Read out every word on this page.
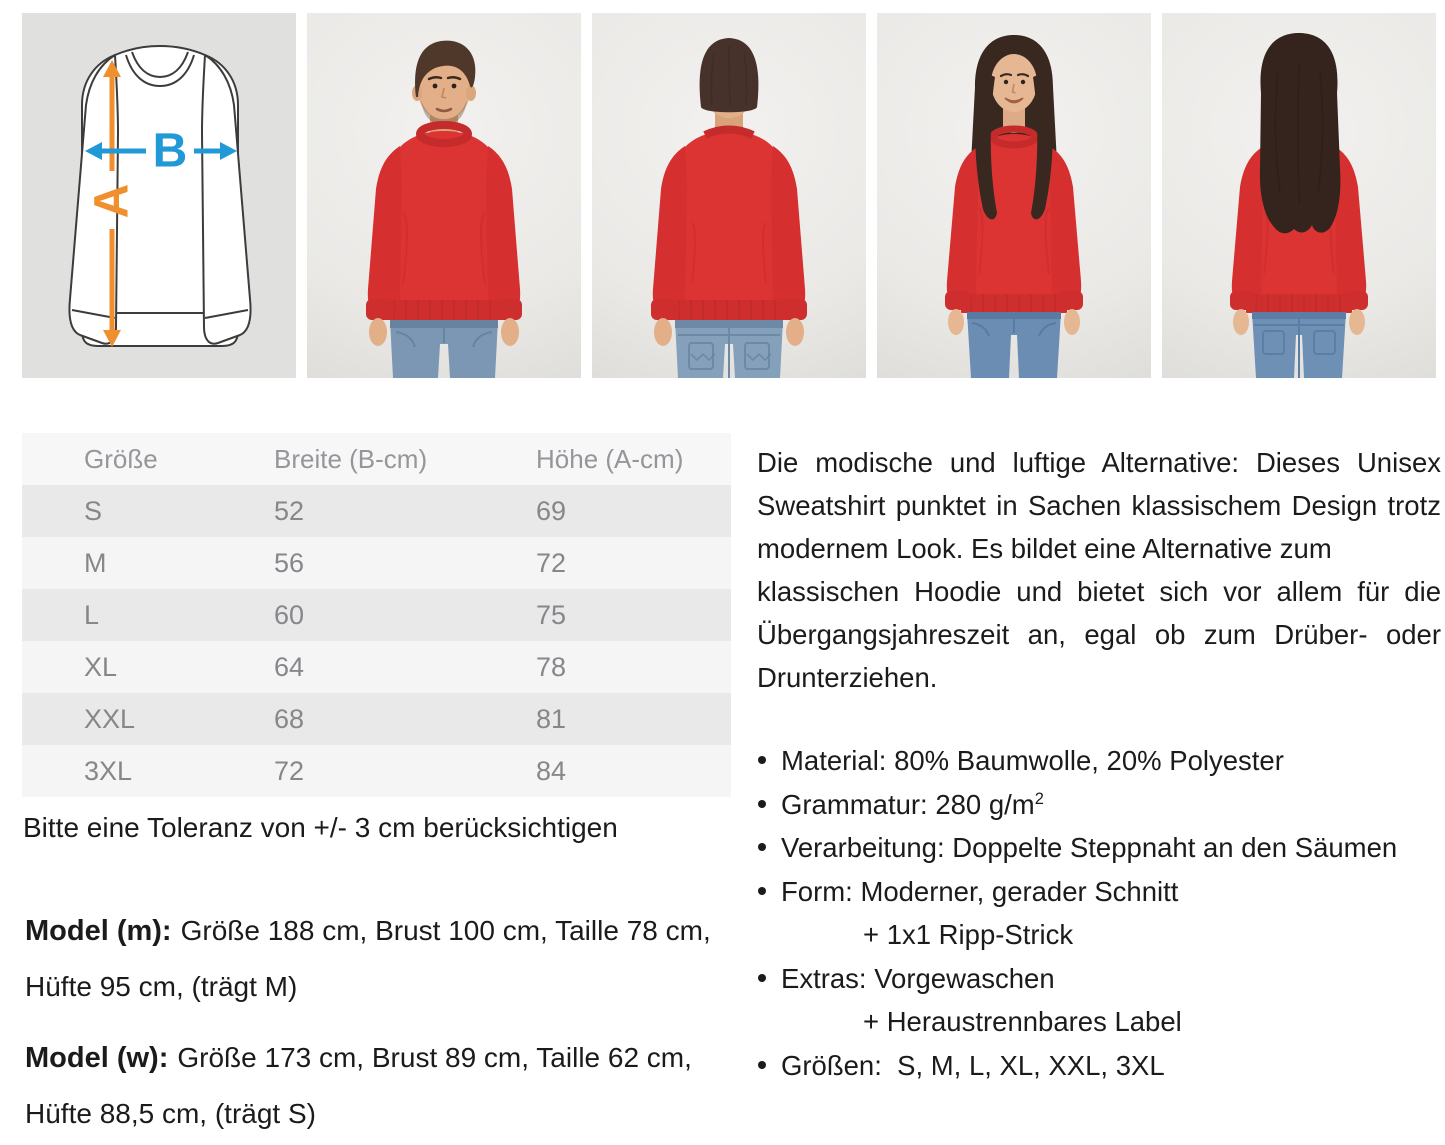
A
B
Größe	Breite (B-cm)	Höhe (A-cm)
S	52	69
M	56	72
L	60	75
XL	64	78
XXL	68	81
3XL	72	84
Bitte eine Toleranz von +/- 3 cm berücksichtigen
Model (m): Größe 188 cm, Brust 100 cm, Taille 78 cm,
Hüfte 95 cm, (trägt M)
Model (w): Größe 173 cm, Brust 89 cm, Taille 62 cm,
Hüfte 88,5 cm, (trägt S)
Die modische und luftige Alternative: Dieses Unisex
Sweatshirt punktet in Sachen klassischem Design trotz
modernem Look. Es bildet eine Alternative zum
klassischen Hoodie und bietet sich vor allem für die
Übergangsjahreszeit an, egal ob zum Drüber- oder
Drunterziehen.
Material: 80% Baumwolle, 20% Polyester
Grammatur: 280 $g/m^2$
Verarbeitung: Doppelte Steppnaht an den Säumen
Form: Moderner, gerader Schnitt
+ 1x1 Ripp-Strick
Extras: Vorgewaschen
+ Heraustrennbares Label
Größen:  S, M, L, XL, XXL, 3XL
